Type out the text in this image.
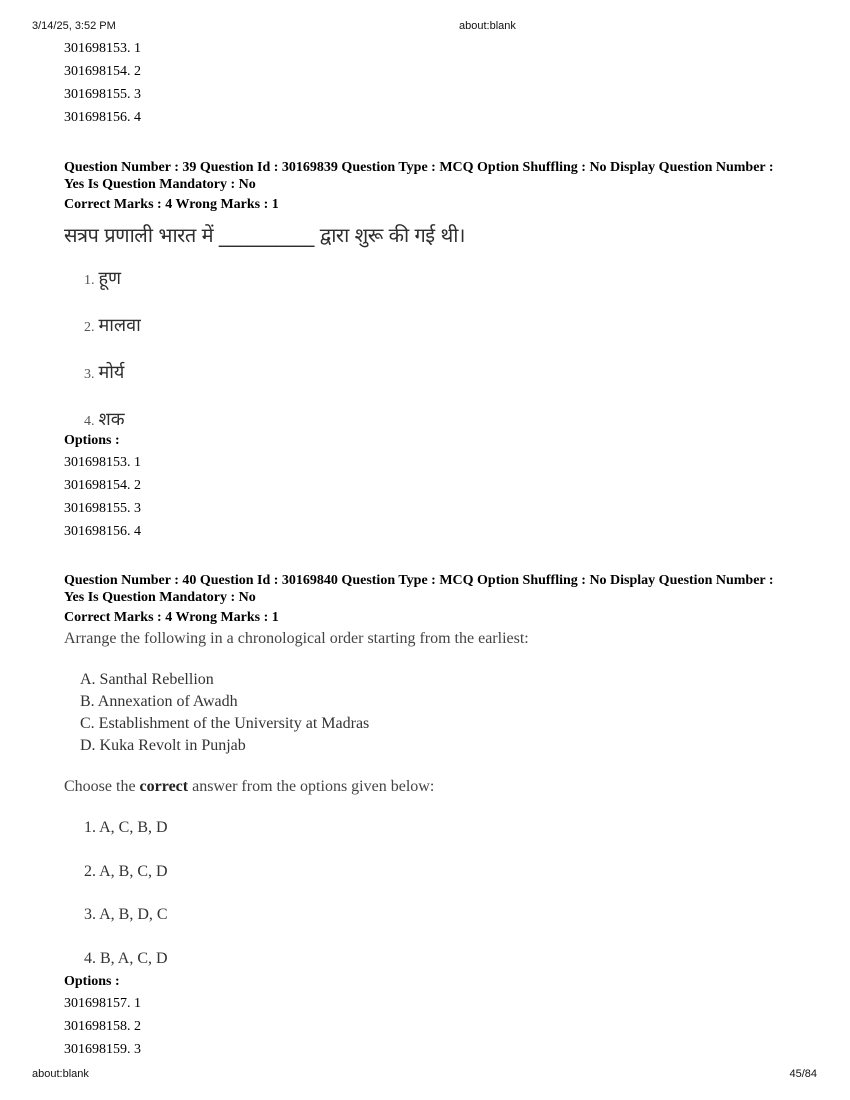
3/14/25, 3:52 PM	about:blank
301698153. 1
301698154. 2
301698155. 3
301698156. 4
Question Number : 39 Question Id : 30169839 Question Type : MCQ Option Shuffling : No Display Question Number : Yes Is Question Mandatory : No
Correct Marks : 4 Wrong Marks : 1
सत्रप प्रणाली भारत में __________ द्वारा शुरू की गई थी।
1. हूण
2. मालवा
3. मोर्य
4. शक
Options :
301698153. 1
301698154. 2
301698155. 3
301698156. 4
Question Number : 40 Question Id : 30169840 Question Type : MCQ Option Shuffling : No Display Question Number : Yes Is Question Mandatory : No
Correct Marks : 4 Wrong Marks : 1
Arrange the following in a chronological order starting from the earliest:
A. Santhal Rebellion
B. Annexation of Awadh
C. Establishment of the University at Madras
D. Kuka Revolt in Punjab
Choose the correct answer from the options given below:
1. A, C, B, D
2. A, B, C, D
3. A, B, D, C
4. B, A, C, D
Options :
301698157. 1
301698158. 2
301698159. 3
about:blank	45/84
